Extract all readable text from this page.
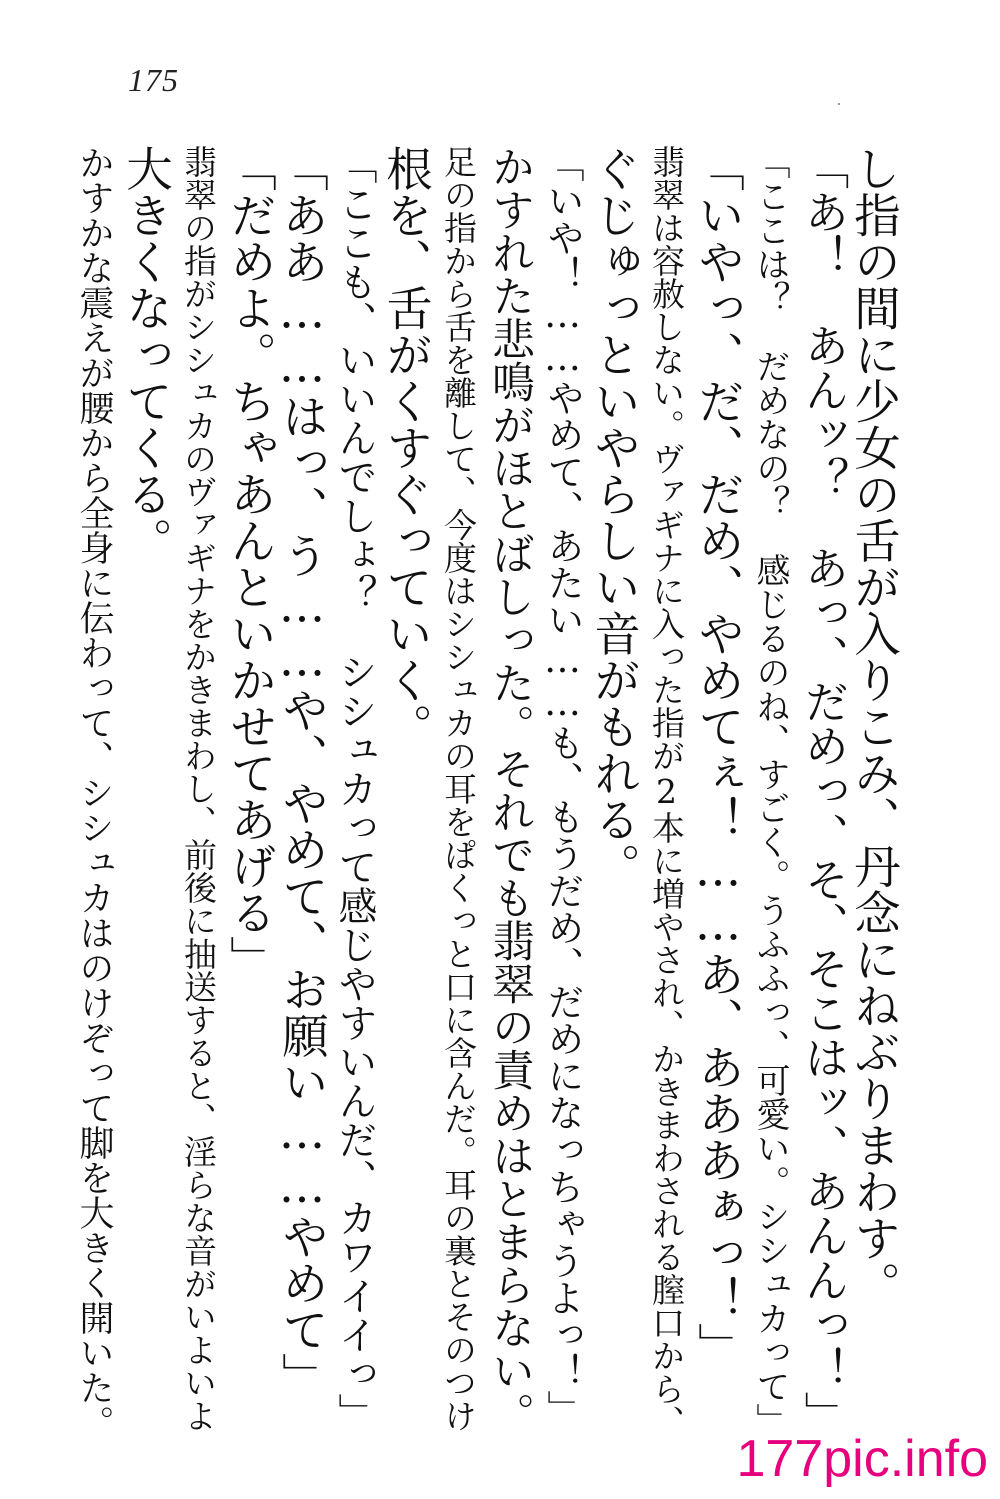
175
し指の間に少女の舌が入りこみ、丹念にねぶりまわす。
「あ！　あんッ？　あっ、だめっ、そ、そこはッ、あんんっ！」
「ここは？　だめなの？　感じるのね、すごく。うふふっ、可愛い。シシュカって」
「いやっ、だ、だめ、やめてぇ！……あ、あああぁっ！」
翡翠は容赦しない。ヴァギナに入った指が2本に増やされ、かきまわされる膣口から、
ぐじゅっといやらしい音がもれる。
「いや！……やめて、あたい……も、もうだめ、だめになっちゃうよっ！」
かすれた悲鳴がほとばしった。それでも翡翠の責めはとまらない。
足の指から舌を離して、今度はシシュカの耳をぱくっと口に含んだ。耳の裏とそのつけ
根を、舌がくすぐっていく。
「ここも、いいんでしょ？　シシュカって感じやすいんだ、カワイイっ」
「ああ……はっ、う……や、やめて、お願い……やめて」
「だめよ。ちゃあんといかせてあげる」
翡翠の指がシシュカのヴァギナをかきまわし、前後に抽送すると、淫らな音がいよいよ
大きくなってくる。
かすかな震えが腰から全身に伝わって、シシュカはのけぞって脚を大きく開いた。
177pic.info
